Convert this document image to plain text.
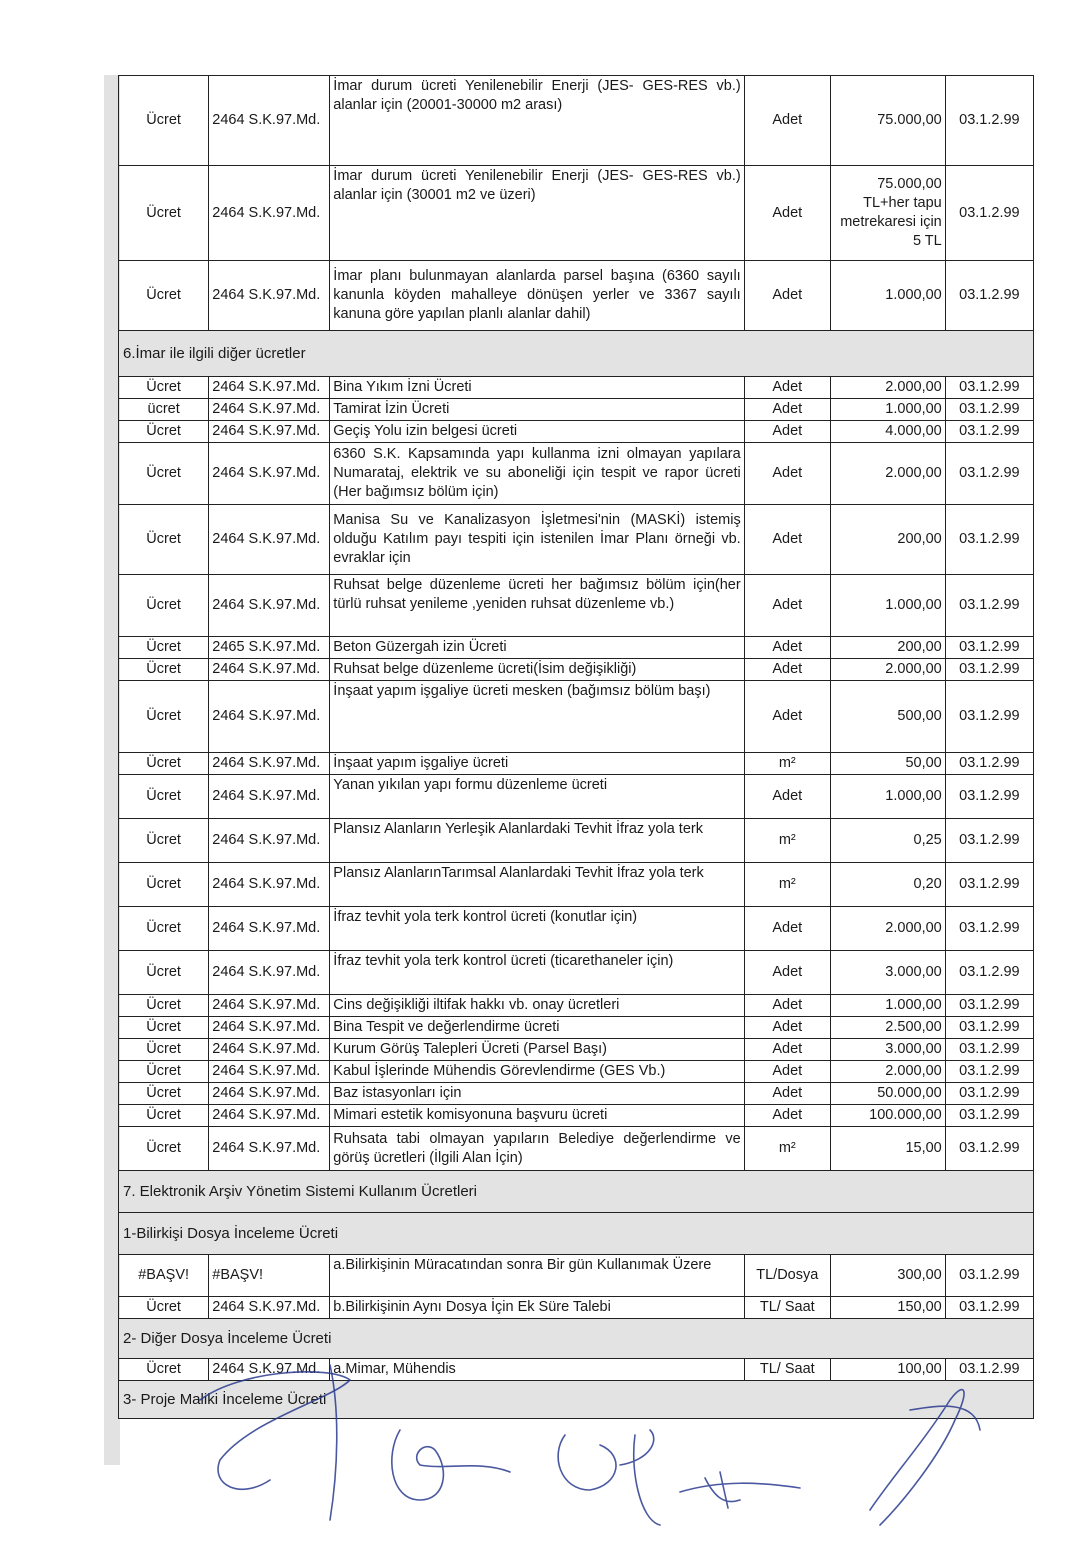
Ücret	2464 S.K.97.Md.	İmar durum ücreti Yenilenebilir Enerji (JES- GES-RES vb.) alanlar için (20001-30000 m2 arası)	Adet	75.000,00	03.1.2.99
Ücret	2464 S.K.97.Md.	İmar durum ücreti Yenilenebilir Enerji (JES- GES-RES vb.) alanlar için (30001 m2 ve üzeri)	Adet	75.000,00 TL+her tapu metrekaresi için 5 TL	03.1.2.99
Ücret	2464 S.K.97.Md.	İmar planı bulunmayan alanlarda parsel başına (6360 sayılı kanunla köyden mahalleye dönüşen yerler ve 3367 sayılı kanuna göre yapılan planlı alanlar dahil)	Adet	1.000,00	03.1.2.99
6.İmar ile ilgili diğer ücretler					
Ücret	2464 S.K.97.Md.	Bina Yıkım İzni Ücreti	Adet	2.000,00	03.1.2.99
ücret	2464 S.K.97.Md.	Tamirat İzin Ücreti	Adet	1.000,00	03.1.2.99
Ücret	2464 S.K.97.Md.	Geçiş Yolu izin belgesi ücreti	Adet	4.000,00	03.1.2.99
Ücret	2464 S.K.97.Md.	6360 S.K. Kapsamında yapı kullanma izni olmayan yapılara Numarataj, elektrik ve su aboneliği için tespit ve rapor ücreti (Her bağımsız bölüm için)	Adet	2.000,00	03.1.2.99
Ücret	2464 S.K.97.Md.	Manisa Su ve Kanalizasyon İşletmesi'nin (MASKİ) istemiş olduğu Katılım payı tespiti için istenilen İmar Planı örneği vb. evraklar için	Adet	200,00	03.1.2.99
Ücret	2464 S.K.97.Md.	Ruhsat belge düzenleme ücreti her bağımsız bölüm için(her türlü ruhsat yenileme ,yeniden ruhsat düzenleme vb.)	Adet	1.000,00	03.1.2.99
Ücret	2465 S.K.97.Md.	Beton Güzergah izin Ücreti	Adet	200,00	03.1.2.99
Ücret	2464 S.K.97.Md.	Ruhsat belge düzenleme ücreti(İsim değişikliği)	Adet	2.000,00	03.1.2.99
Ücret	2464 S.K.97.Md.	İnşaat yapım işgaliye ücreti mesken (bağımsız bölüm başı)	Adet	500,00	03.1.2.99
Ücret	2464 S.K.97.Md.	İnşaat yapım işgaliye ücreti	m²	50,00	03.1.2.99
Ücret	2464 S.K.97.Md.	Yanan yıkılan yapı formu düzenleme ücreti	Adet	1.000,00	03.1.2.99
Ücret	2464 S.K.97.Md.	Plansız Alanların Yerleşik Alanlardaki Tevhit İfraz yola terk	m²	0,25	03.1.2.99
Ücret	2464 S.K.97.Md.	Plansız AlanlarınTarımsal Alanlardaki Tevhit İfraz yola terk	m²	0,20	03.1.2.99
Ücret	2464 S.K.97.Md.	İfraz tevhit yola terk kontrol ücreti (konutlar için)	Adet	2.000,00	03.1.2.99
Ücret	2464 S.K.97.Md.	İfraz tevhit yola terk kontrol ücreti (ticarethaneler için)	Adet	3.000,00	03.1.2.99
Ücret	2464 S.K.97.Md.	Cins değişikliği iltifak hakkı vb. onay ücretleri	Adet	1.000,00	03.1.2.99
Ücret	2464 S.K.97.Md.	Bina Tespit ve değerlendirme ücreti	Adet	2.500,00	03.1.2.99
Ücret	2464 S.K.97.Md.	Kurum Görüş Talepleri Ücreti (Parsel Başı)	Adet	3.000,00	03.1.2.99
Ücret	2464 S.K.97.Md.	Kabul İşlerinde Mühendis Görevlendirme (GES Vb.)	Adet	2.000,00	03.1.2.99
Ücret	2464 S.K.97.Md.	Baz istasyonları için	Adet	50.000,00	03.1.2.99
Ücret	2464 S.K.97.Md.	Mimari estetik komisyonuna başvuru ücreti	Adet	100.000,00	03.1.2.99
Ücret	2464 S.K.97.Md.	Ruhsata tabi olmayan yapıların Belediye değerlendirme ve görüş ücretleri (İlgili Alan İçin)	m²	15,00	03.1.2.99
7. Elektronik Arşiv Yönetim Sistemi Kullanım Ücretleri					
1-Bilirkişi Dosya İnceleme Ücreti					
#BAŞV!	#BAŞV!	a.Bilirkişinin Müracatından sonra Bir gün Kullanımak Üzere	TL/Dosya	300,00	03.1.2.99
Ücret	2464 S.K.97.Md.	b.Bilirkişinin Aynı Dosya İçin Ek Süre Talebi	TL/ Saat	150,00	03.1.2.99
2- Diğer Dosya İnceleme Ücreti					
Ücret	2464 S.K.97.Md.	a.Mimar, Mühendis	TL/ Saat	100,00	03.1.2.99
3- Proje Maliki İnceleme Ücreti					
